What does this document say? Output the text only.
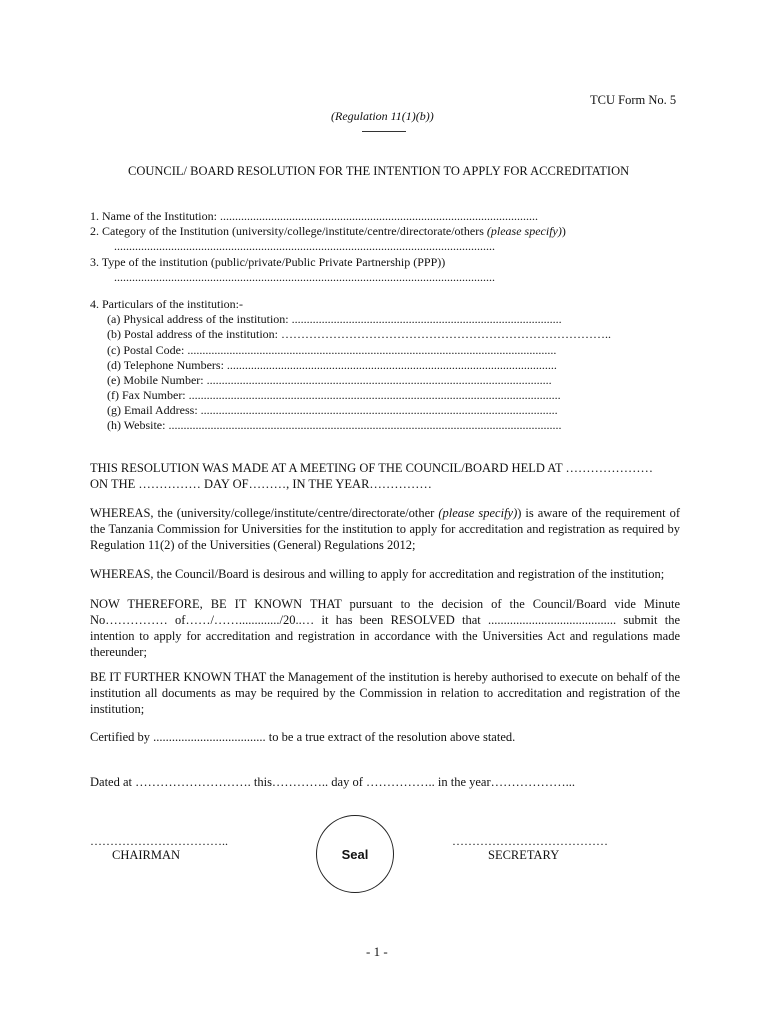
TCU Form No. 5
(Regulation 11(1)(b))
COUNCIL/ BOARD RESOLUTION FOR THE INTENTION TO APPLY FOR ACCREDITATION
1. Name of the Institution: ..........................................................................................................
2. Category of the Institution (university/college/institute/centre/directorate/others (please specify))
...............................................................................................................................
3. Type of the institution (public/private/Public Private Partnership (PPP))
...............................................................................................................................
4. Particulars of the institution:-
(a) Physical address of the institution: ..........................................................................................
(b) Postal address of the institution: ………………………………………………………………………..
(c) Postal Code: ...........................................................................................................................
(d) Telephone Numbers: ..............................................................................................................
(e) Mobile Number: ...................................................................................................................
(f) Fax Number: ............................................................................................................................
(g) Email Address: .......................................................................................................................
(h) Website: ...................................................................................................................................
THIS RESOLUTION WAS MADE AT A MEETING OF THE COUNCIL/BOARD HELD AT …………………
ON THE …………… DAY OF………, IN THE YEAR……………
WHEREAS, the (university/college/institute/centre/directorate/other (please specify)) is aware of the requirement of the Tanzania Commission for Universities for the institution to apply for accreditation and registration as required by Regulation 11(2) of the Universities (General) Regulations 2012;
WHEREAS, the Council/Board is desirous and willing to apply for accreditation and registration of the institution;
NOW THEREFORE, BE IT KNOWN THAT pursuant to the decision of the Council/Board vide Minute No…………… of……/……............./20..… it has been RESOLVED that ......................................... submit the intention to apply for accreditation and registration in accordance with the Universities Act and regulations made thereunder;
BE IT FURTHER KNOWN THAT the Management of the institution is hereby authorised to execute on behalf of the institution all documents as may be required by the Commission in relation to accreditation and registration of the institution;
Certified by .................................... to be a true extract of the resolution above stated.
Dated at ………………………. this………….. day of …………….. in the year………………...
……………………………..
CHAIRMAN	Seal
…………………………………
SECRETARY
- 1 -
